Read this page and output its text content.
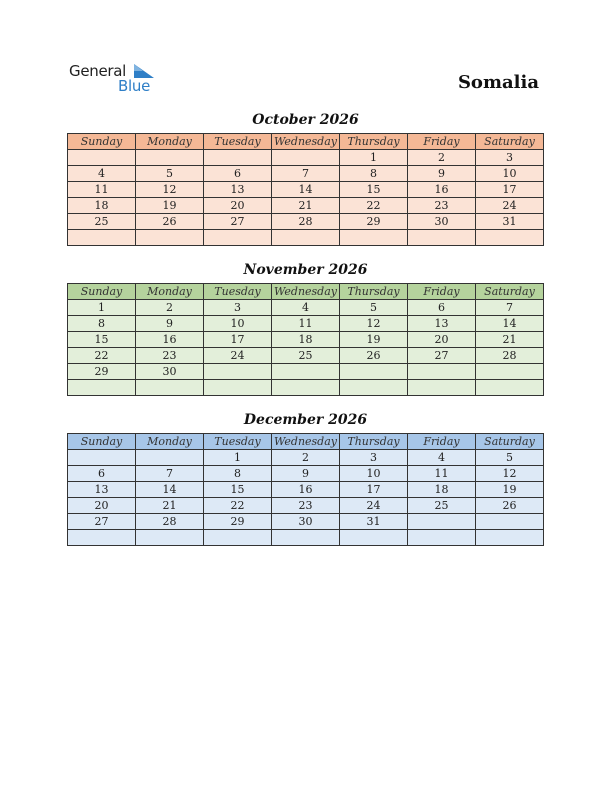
General
Blue	Somalia
October 2026
Sunday	Monday	Tuesday	Wednesday	Thursday	Friday	Saturday
				1	2	3
4	5	6	7	8	9	10
11	12	13	14	15	16	17
18	19	20	21	22	23	24
25	26	27	28	29	30	31

November 2026
Sunday	Monday	Tuesday	Wednesday	Thursday	Friday	Saturday
1	2	3	4	5	6	7
8	9	10	11	12	13	14
15	16	17	18	19	20	21
22	23	24	25	26	27	28
29	30					

December 2026
Sunday	Monday	Tuesday	Wednesday	Thursday	Friday	Saturday
		1	2	3	4	5
6	7	8	9	10	11	12
13	14	15	16	17	18	19
20	21	22	23	24	25	26
27	28	29	30	31		
